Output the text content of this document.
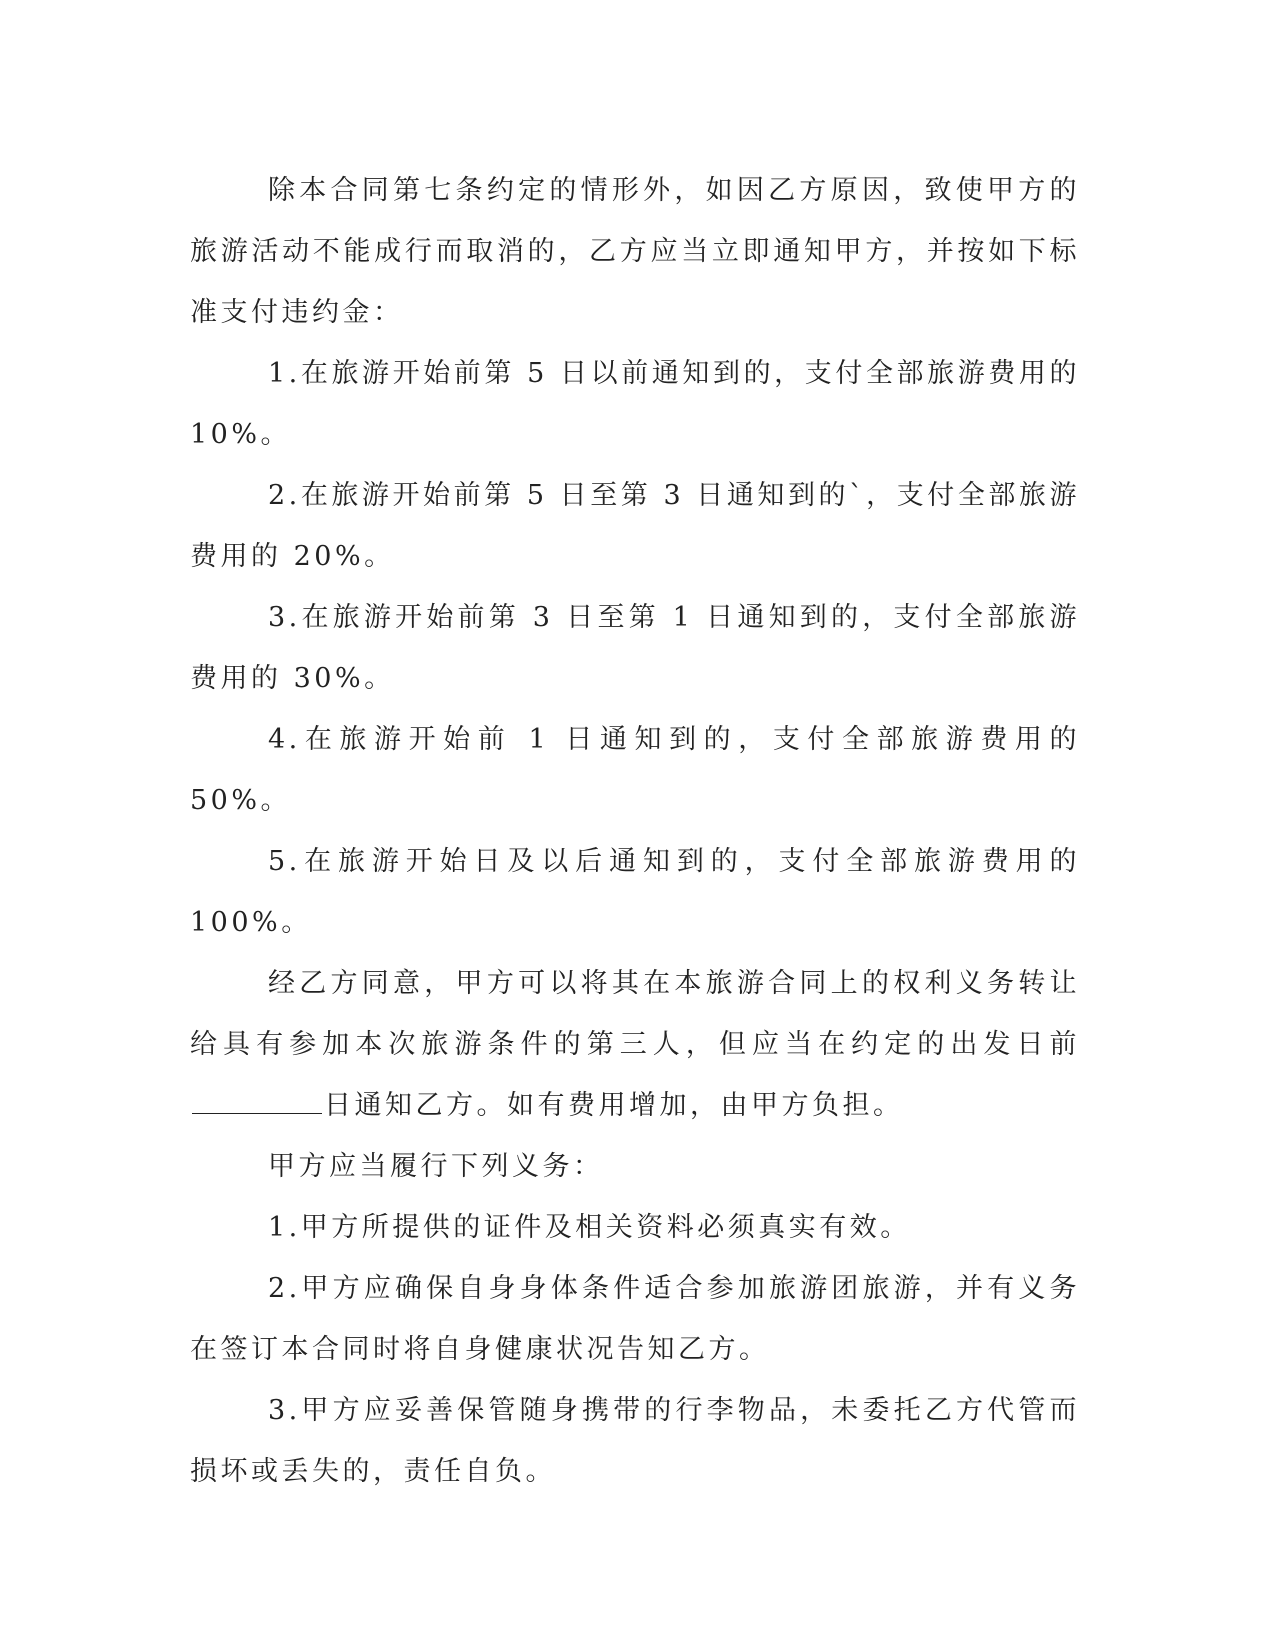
除本合同第七条约定的情形外，如因乙方原因，致使甲方的旅游活动不能成行而取消的，乙方应当立即通知甲方，并按如下标准支付违约金：

1.在旅游开始前第 5 日以前通知到的，支付全部旅游费用的 10%。

2.在旅游开始前第 5 日至第 3 日通知到的`，支付全部旅游费用的 20%。

3.在旅游开始前第 3 日至第 1 日通知到的，支付全部旅游费用的 30%。

4.在旅游开始前 1 日通知到的，支付全部旅游费用的 50%。

5.在旅游开始日及以后通知到的，支付全部旅游费用的 100%。

经乙方同意，甲方可以将其在本旅游合同上的权利义务转让给具有参加本次旅游条件的第三人，但应当在约定的出发日前日通知乙方。如有费用增加，由甲方负担。

甲方应当履行下列义务：

1.甲方所提供的证件及相关资料必须真实有效。

2.甲方应确保自身身体条件适合参加旅游团旅游，并有义务在签订本合同时将自身健康状况告知乙方。

3.甲方应妥善保管随身携带的行李物品，未委托乙方代管而损坏或丢失的，责任自负。
